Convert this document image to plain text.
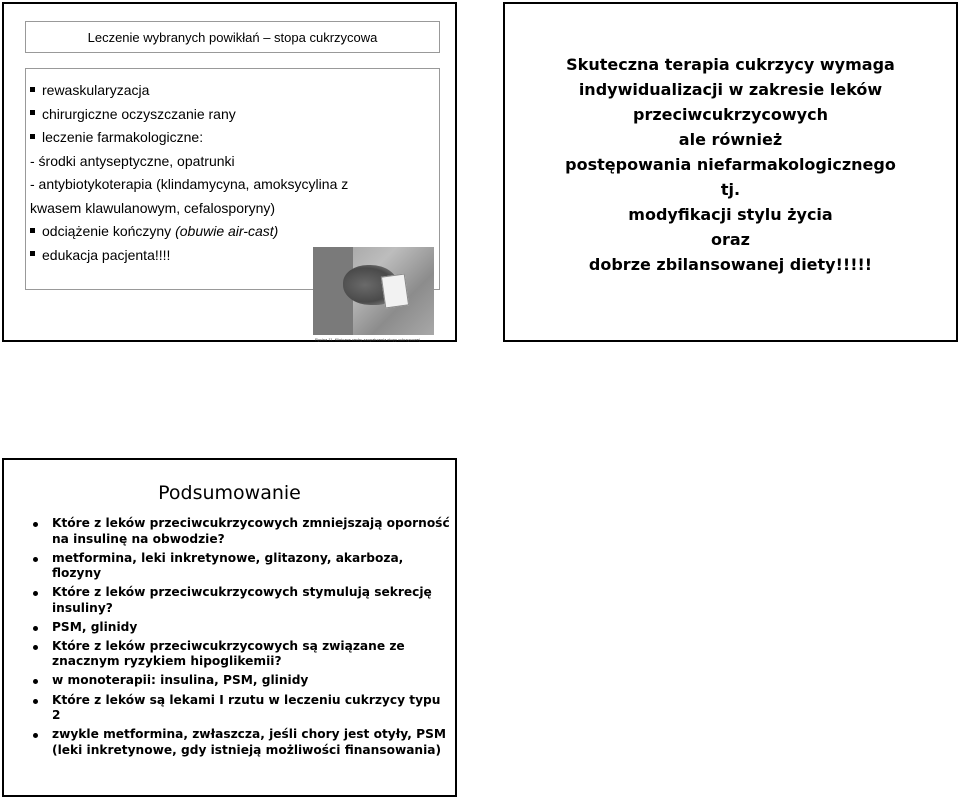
Leczenie wybranych powikłań – stopa cukrzycowa
rewaskularyzacja
chirurgiczne oczyszczanie rany
leczenie farmakologiczne:
- środki antyseptyczne, opatrunki
- antybiotykoterapia (klindamycyna, amoksycylina z
kwasem klawulanowym, cefalosporyny)
odciążenie kończyny (obuwie air-cast)
edukacja pacjenta!!!!
Rycina 11. Kliniczne cechy zaopatrzenia stopy cukrzycowej
Skuteczna terapia cukrzycy wymaga
indywidualizacji w zakresie leków
przeciwcukrzycowych
ale również
postępowania niefarmakologicznego
tj.
modyfikacji stylu życia
oraz
dobrze zbilansowanej diety!!!!!
Podsumowanie
Które z leków przeciwcukrzycowych zmniejszają oporność na insulinę na obwodzie?
metformina, leki inkretynowe, glitazony, akarboza, flozyny
Które z leków przeciwcukrzycowych stymulują sekrecję insuliny?
PSM, glinidy
Które z leków przeciwcukrzycowych są związane ze znacznym ryzykiem hipoglikemii?
w monoterapii: insulina, PSM, glinidy
Które z leków są lekami I rzutu w leczeniu cukrzycy typu 2
zwykle metformina, zwłaszcza, jeśli chory jest otyły, PSM (leki inkretynowe, gdy istnieją możliwości finansowania)
